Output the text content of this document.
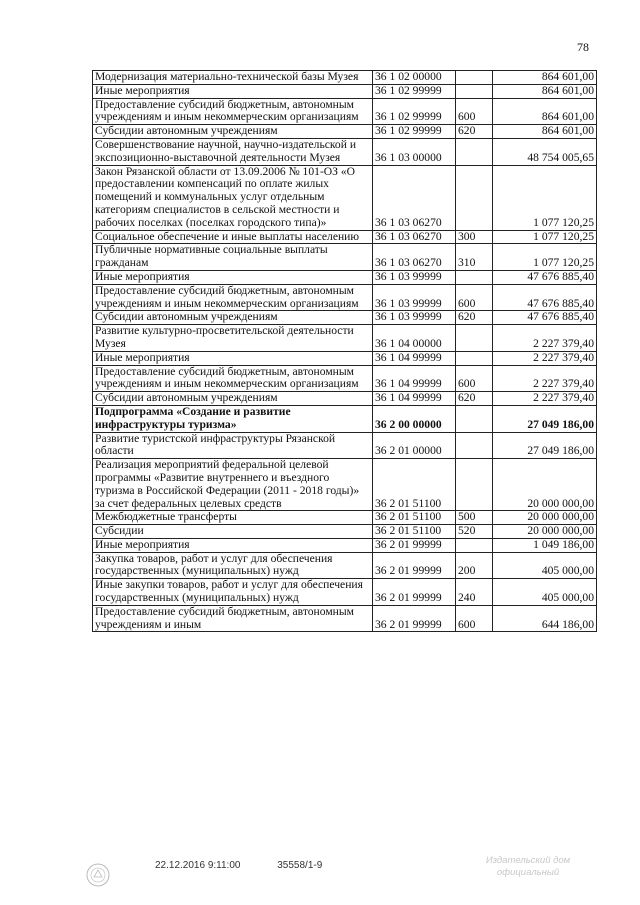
78
Модернизация материально-технической базы Музея	36 1 02 00000		864 601,00
Иные мероприятия	36 1 02 99999		864 601,00
Предоставление субсидий бюджетным, автономным учреждениям и иным некоммерческим организациям	36 1 02 99999	600	864 601,00
Субсидии автономным учреждениям	36 1 02 99999	620	864 601,00
Совершенствование научной, научно-издательской и экспозиционно-выставочной деятельности Музея	36 1 03 00000		48 754 005,65
Закон Рязанской области от 13.09.2006 № 101-ОЗ «О предоставлении компенсаций по оплате жилых помещений и коммунальных услуг отдельным категориям специалистов в сельской местности и рабочих поселках (поселках городского типа)»	36 1 03 06270		1 077 120,25
Социальное обеспечение и иные выплаты населению	36 1 03 06270	300	1 077 120,25
Публичные нормативные социальные выплаты гражданам	36 1 03 06270	310	1 077 120,25
Иные мероприятия	36 1 03 99999		47 676 885,40
Предоставление субсидий бюджетным, автономным учреждениям и иным некоммерческим организациям	36 1 03 99999	600	47 676 885,40
Субсидии автономным учреждениям	36 1 03 99999	620	47 676 885,40
Развитие культурно-просветительской деятельности Музея	36 1 04 00000		2 227 379,40
Иные мероприятия	36 1 04 99999		2 227 379,40
Предоставление субсидий бюджетным, автономным учреждениям и иным некоммерческим организациям	36 1 04 99999	600	2 227 379,40
Субсидии автономным учреждениям	36 1 04 99999	620	2 227 379,40
Подпрограмма «Создание и развитие инфраструктуры туризма»	36 2 00 00000		27 049 186,00
Развитие туристской инфраструктуры Рязанской области	36 2 01 00000		27 049 186,00
Реализация мероприятий федеральной целевой программы «Развитие внутреннего и въездного туризма в Российской Федерации (2011 - 2018 годы)» за счет федеральных целевых средств	36 2 01 51100		20 000 000,00
Межбюджетные трансферты	36 2 01 51100	500	20 000 000,00
Субсидии	36 2 01 51100	520	20 000 000,00
Иные мероприятия	36 2 01 99999		1 049 186,00
Закупка товаров, работ и услуг для обеспечения государственных (муниципальных) нужд	36 2 01 99999	200	405 000,00
Иные закупки товаров, работ и услуг для обеспечения государственных (муниципальных) нужд	36 2 01 99999	240	405 000,00
Предоставление субсидий бюджетным, автономным учреждениям и иным	36 2 01 99999	600	644 186,00
22.12.2016 9:11:00	35558/1-9	Издательский дом
официальный
